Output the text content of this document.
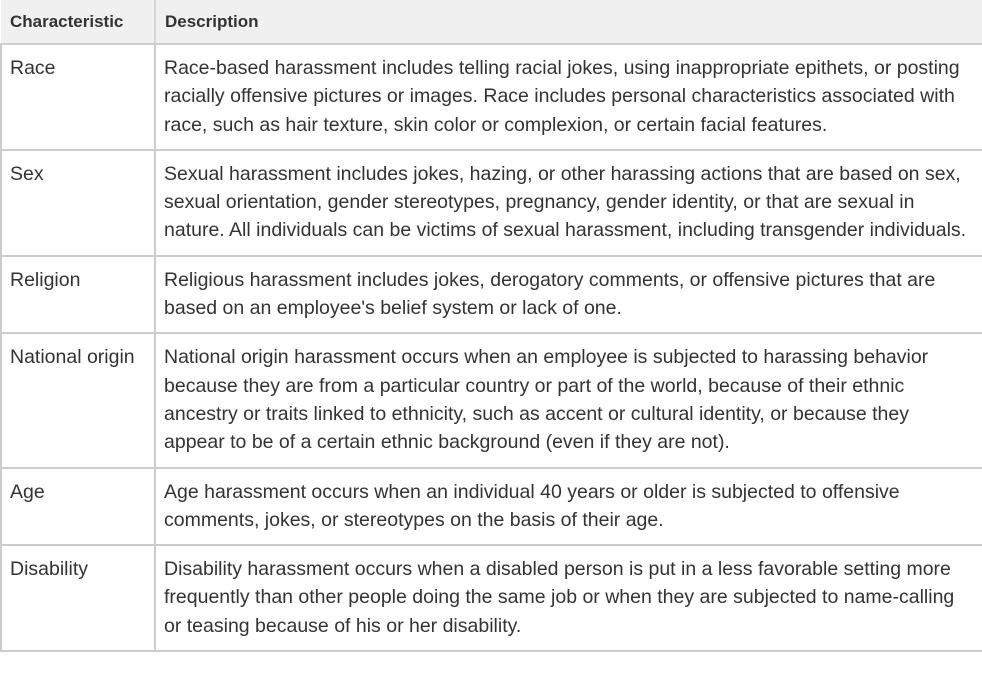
Characteristic	Description
Race	Race-based harassment includes telling racial jokes, using inappropriate epithets, or posting racially offensive pictures or images. Race includes personal characteristics associated with race, such as hair texture, skin color or complexion, or certain facial features.
Sex	Sexual harassment includes jokes, hazing, or other harassing actions that are based on sex, sexual orientation, gender stereotypes, pregnancy, gender identity, or that are sexual in nature. All individuals can be victims of sexual harassment, including transgender individuals.
Religion	Religious harassment includes jokes, derogatory comments, or offensive pictures that are based on an employee's belief system or lack of one.
National origin	National origin harassment occurs when an employee is subjected to harassing behavior because they are from a particular country or part of the world, because of their ethnic ancestry or traits linked to ethnicity, such as accent or cultural identity, or because they appear to be of a certain ethnic background (even if they are not).
Age	Age harassment occurs when an individual 40 years or older is subjected to offensive comments, jokes, or stereotypes on the basis of their age.
Disability	Disability harassment occurs when a disabled person is put in a less favorable setting more frequently than other people doing the same job or when they are subjected to name-calling or teasing because of his or her disability.
